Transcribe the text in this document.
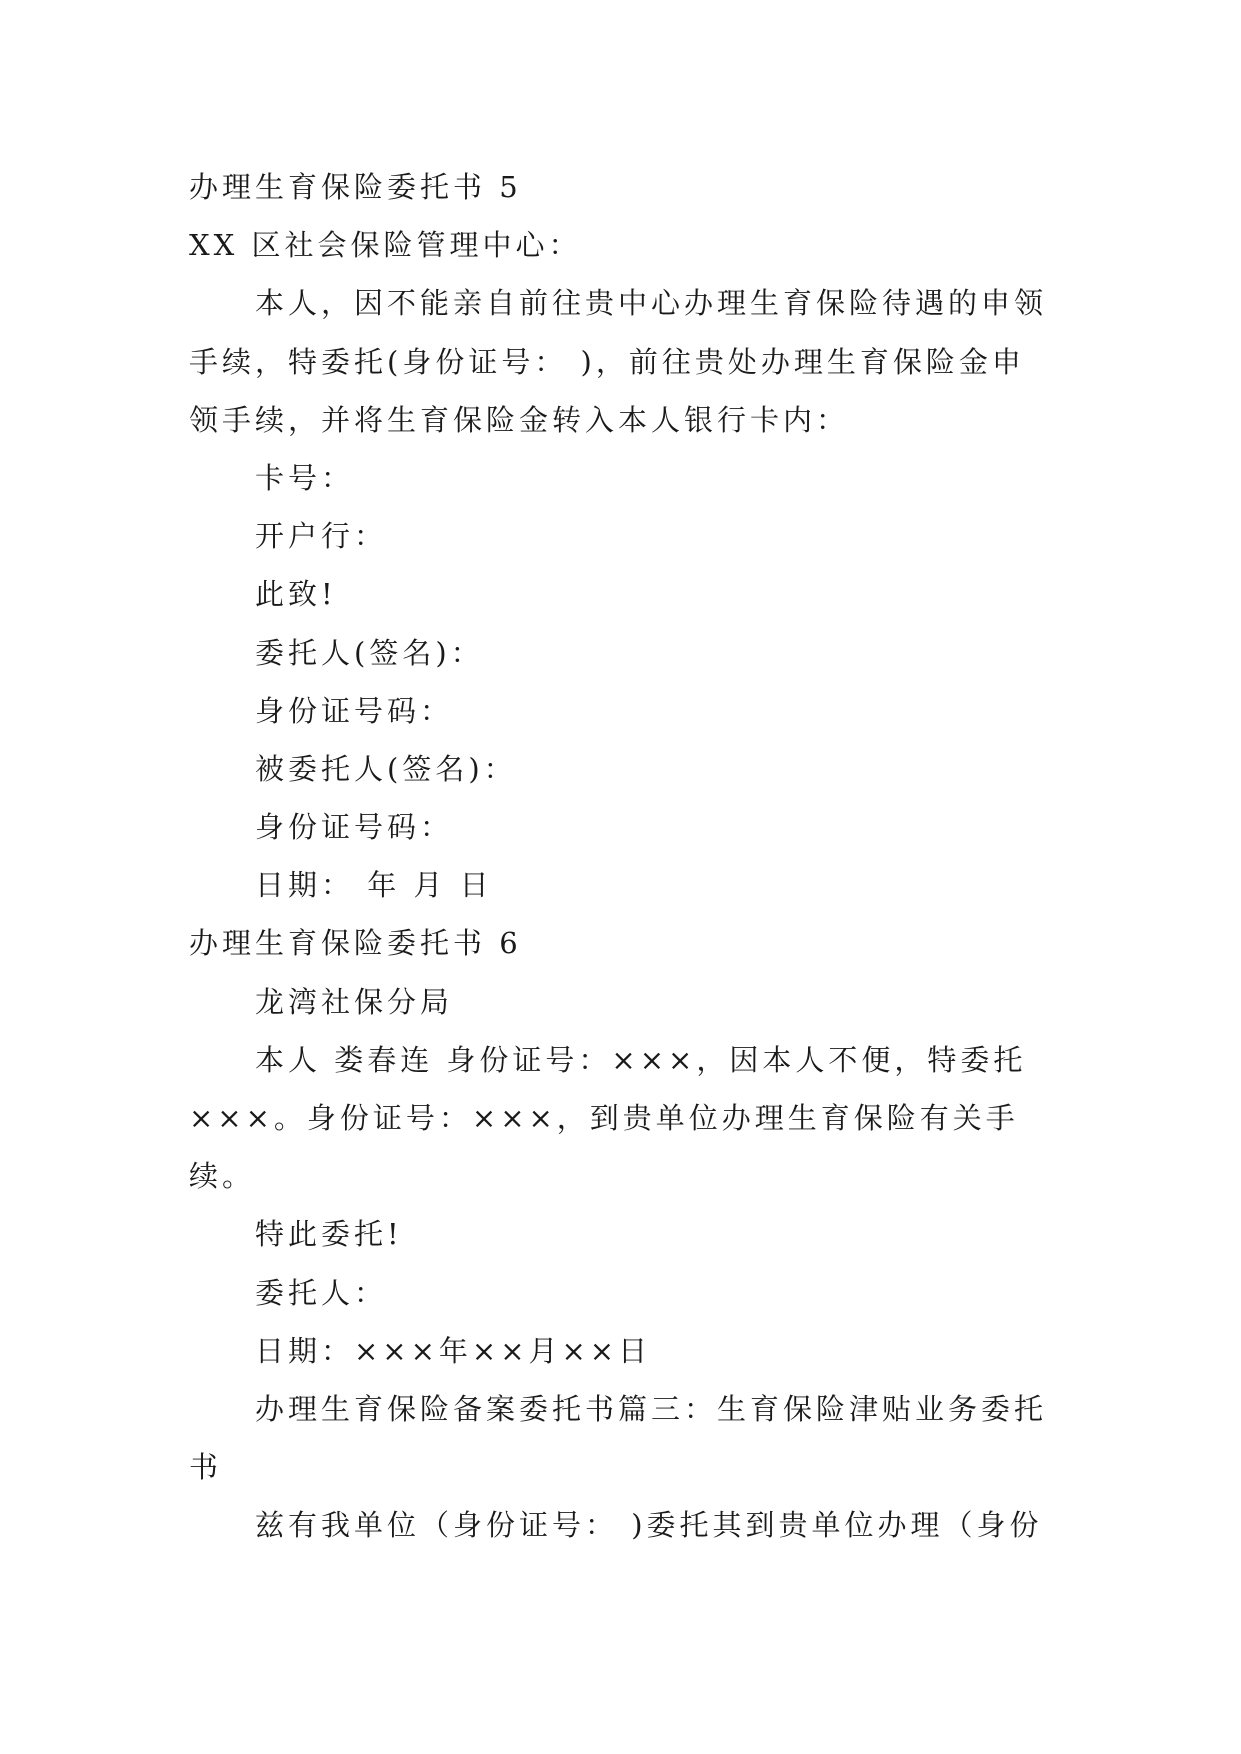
办理生育保险委托书 5
XX 区社会保险管理中心：
本人，因不能亲自前往贵中心办理生育保险待遇的申领
手续，特委托(身份证号： )，前往贵处办理生育保险金申
领手续，并将生育保险金转入本人银行卡内：
卡号：
开户行：
此致!
委托人(签名)：
身份证号码：
被委托人(签名)：
身份证号码：
日期： 年 月 日
办理生育保险委托书 6
龙湾社保分局
本人 娄春连 身份证号：×××，因本人不便，特委托
×××。身份证号：×××，到贵单位办理生育保险有关手
续。
特此委托!
委托人：
日期：×××年××月××日
办理生育保险备案委托书篇三：生育保险津贴业务委托
书
兹有我单位（身份证号： )委托其到贵单位办理（身份
